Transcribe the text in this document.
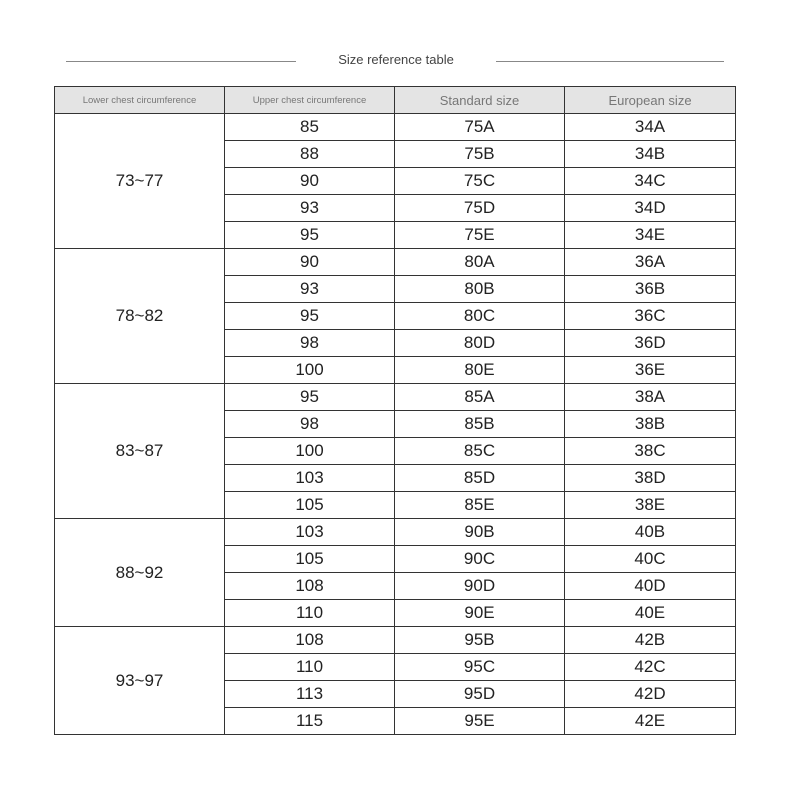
Size reference table
Lower chest circumference	Upper chest circumference	Standard size	European size
73~77	85	75A	34A
	88	75B	34B
	90	75C	34C
	93	75D	34D
	95	75E	34E
78~82	90	80A	36A
	93	80B	36B
	95	80C	36C
	98	80D	36D
	100	80E	36E
83~87	95	85A	38A
	98	85B	38B
	100	85C	38C
	103	85D	38D
	105	85E	38E
88~92	103	90B	40B
	105	90C	40C
	108	90D	40D
	110	90E	40E
93~97	108	95B	42B
	110	95C	42C
	113	95D	42D
	115	95E	42E
